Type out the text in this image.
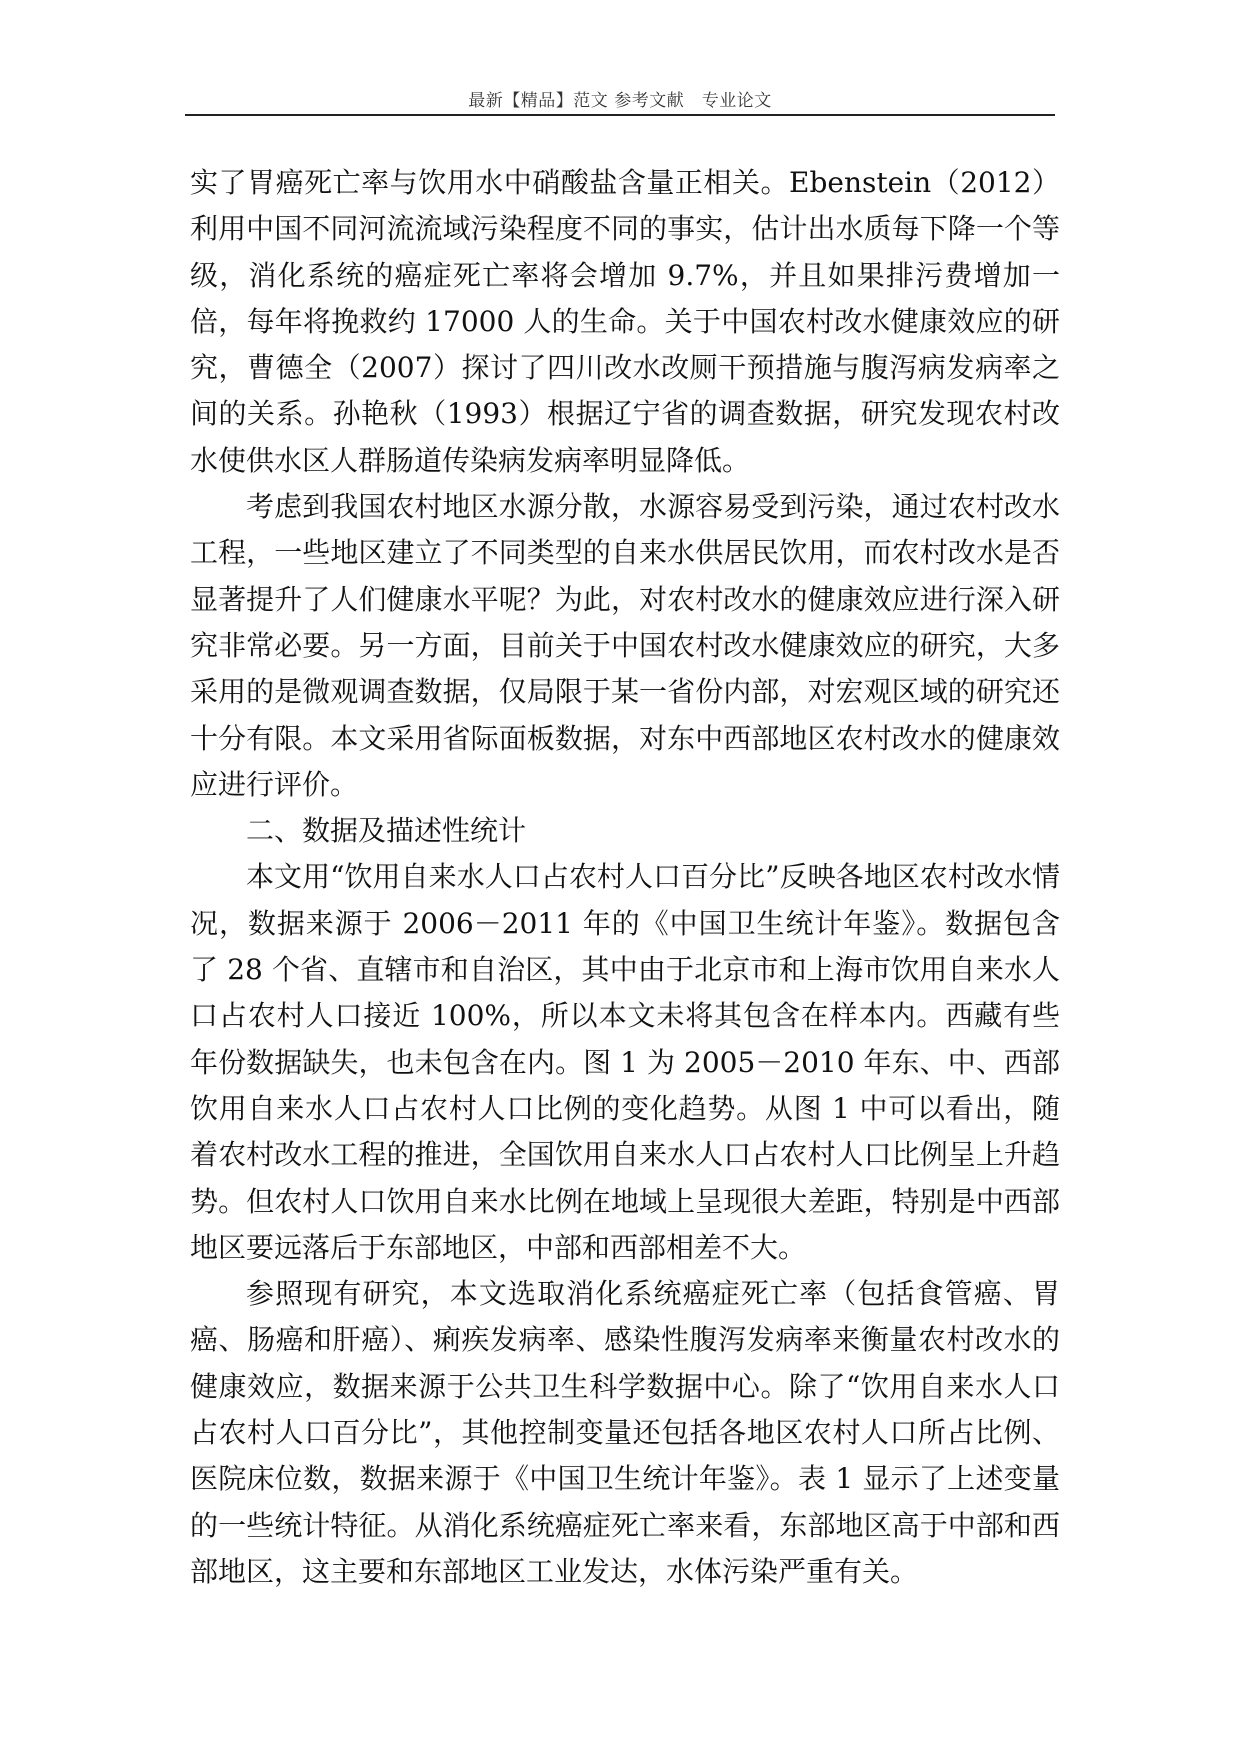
最新【精品】范文 参考文献　专业论文

实了胃癌死亡率与饮用水中硝酸盐含量正相关。Ebenstein（2012）利用中国不同河流流域污染程度不同的事实，估计出水质每下降一个等级，消化系统的癌症死亡率将会增加 9.7%，并且如果排污费增加一倍，每年将挽救约 17000 人的生命。关于中国农村改水健康效应的研究，曹德全（2007）探讨了四川改水改厕干预措施与腹泻病发病率之间的关系。孙艳秋（1993）根据辽宁省的调查数据，研究发现农村改水使供水区人群肠道传染病发病率明显降低。

考虑到我国农村地区水源分散，水源容易受到污染，通过农村改水工程，一些地区建立了不同类型的自来水供居民饮用，而农村改水是否显著提升了人们健康水平呢？为此，对农村改水的健康效应进行深入研究非常必要。另一方面，目前关于中国农村改水健康效应的研究，大多采用的是微观调查数据，仅局限于某一省份内部，对宏观区域的研究还十分有限。本文采用省际面板数据，对东中西部地区农村改水的健康效应进行评价。

二、数据及描述性统计

本文用“饮用自来水人口占农村人口百分比”反映各地区农村改水情况，数据来源于 2006－2011 年的《中国卫生统计年鉴》。数据包含了 28 个省、直辖市和自治区，其中由于北京市和上海市饮用自来水人口占农村人口接近 100%，所以本文未将其包含在样本内。西藏有些年份数据缺失，也未包含在内。图 1 为 2005－2010 年东、中、西部饮用自来水人口占农村人口比例的变化趋势。从图 1 中可以看出，随着农村改水工程的推进，全国饮用自来水人口占农村人口比例呈上升趋势。但农村人口饮用自来水比例在地域上呈现很大差距，特别是中西部地区要远落后于东部地区，中部和西部相差不大。

参照现有研究，本文选取消化系统癌症死亡率（包括食管癌、胃癌、肠癌和肝癌）、痢疾发病率、感染性腹泻发病率来衡量农村改水的健康效应，数据来源于公共卫生科学数据中心。除了“饮用自来水人口占农村人口百分比”，其他控制变量还包括各地区农村人口所占比例、医院床位数，数据来源于《中国卫生统计年鉴》。表 1 显示了上述变量的一些统计特征。从消化系统癌症死亡率来看，东部地区高于中部和西部地区，这主要和东部地区工业发达，水体污染严重有关。
